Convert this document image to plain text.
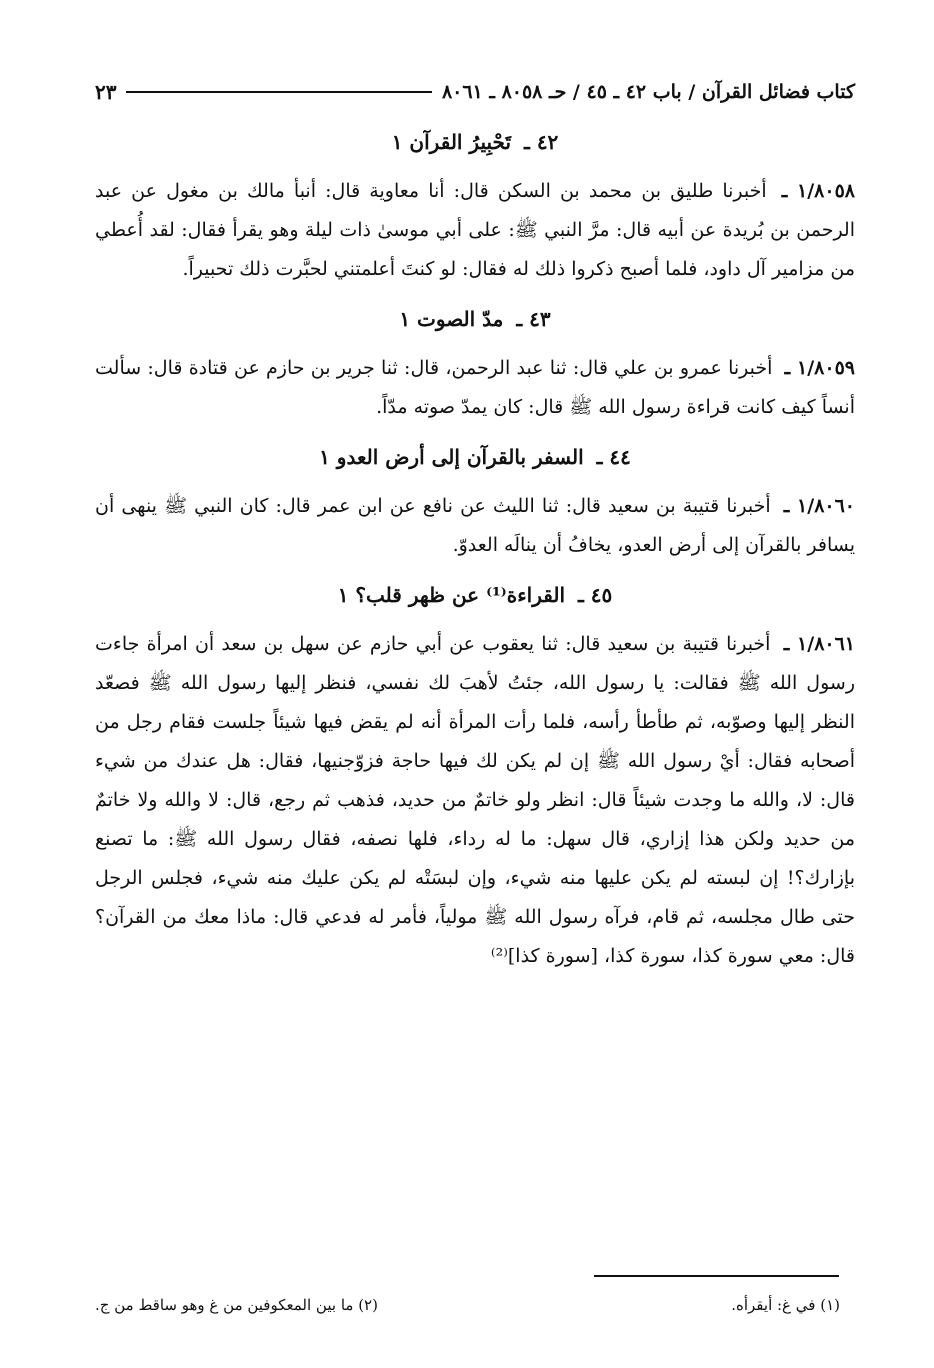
كتاب فضائل القرآن / باب ٤٢ ـ ٤٥ / حـ ٨٠٥٨ ـ ٨٠٦١
٢٣
٤٢ ـ تَحْبِيرُ القرآن ١

١/٨٠٥٨ ـ أخبرنا طليق بن محمد بن السكن قال: أنا معاوية قال: أنبأ مالك بن مغول عن عبد الرحمن بن بُريدة عن أبيه قال: مرَّ النبي ﷺ: على أبي موسىٰ ذات ليلة وهو يقرأ فقال: لقد أُعطي من مزامير آل داود، فلما أصبح ذكروا ذلك له فقال: لو كنتَ أعلمتني لحبَّرت ذلك تحبيراً.

٤٣ ـ مدّ الصوت ١

١/٨٠٥٩ ـ أخبرنا عمرو بن علي قال: ثنا عبد الرحمن، قال: ثنا جرير بن حازم عن قتادة قال: سألت أنساً كيف كانت قراءة رسول الله ﷺ قال: كان يمدّ صوته مدّاً.

٤٤ ـ السفر بالقرآن إلى أرض العدو ١

١/٨٠٦٠ ـ أخبرنا قتيبة بن سعيد قال: ثنا الليث عن نافع عن ابن عمر قال: كان النبي ﷺ ينهى أن يسافر بالقرآن إلى أرض العدو، يخافُ أن ينالَه العدوّ.

٤٥ ـ القراءة⁽¹⁾ عن ظهر قلب؟ ١

١/٨٠٦١ ـ أخبرنا قتيبة بن سعيد قال: ثنا يعقوب عن أبي حازم عن سهل بن سعد أن امرأة جاءت رسول الله ﷺ فقالت: يا رسول الله، جئتُ لأهبَ لك نفسي، فنظر إليها رسول الله ﷺ فصعّد النظر إليها وصوّبه، ثم طأطأ رأسه، فلما رأت المرأة أنه لم يقض فيها شيئاً جلست فقام رجل من أصحابه فقال: أيْ رسول الله ﷺ إن لم يكن لك فيها حاجة فزوّجنيها، فقال: هل عندك من شيء قال: لا، والله ما وجدت شيئاً قال: انظر ولو خاتمٌ من حديد، فذهب ثم رجع، قال: لا والله ولا خاتمٌ من حديد ولكن هذا إزاري، قال سهل: ما له رداء، فلها نصفه، فقال رسول الله ﷺ: ما تصنع بإزارك؟! إن لبسته لم يكن عليها منه شيء، وإن لبسَتْه لم يكن عليك منه شيء، فجلس الرجل حتى طال مجلسه، ثم قام، فرآه رسول الله ﷺ مولياً، فأمر له فدعي قال: ماذا معك من القرآن؟ قال: معي سورة كذا، سورة كذا، [سورة كذا]⁽²⁾

(١) في غ: أيقرأه.
(٢) ما بين المعكوفين من غ وهو ساقط من ج.
